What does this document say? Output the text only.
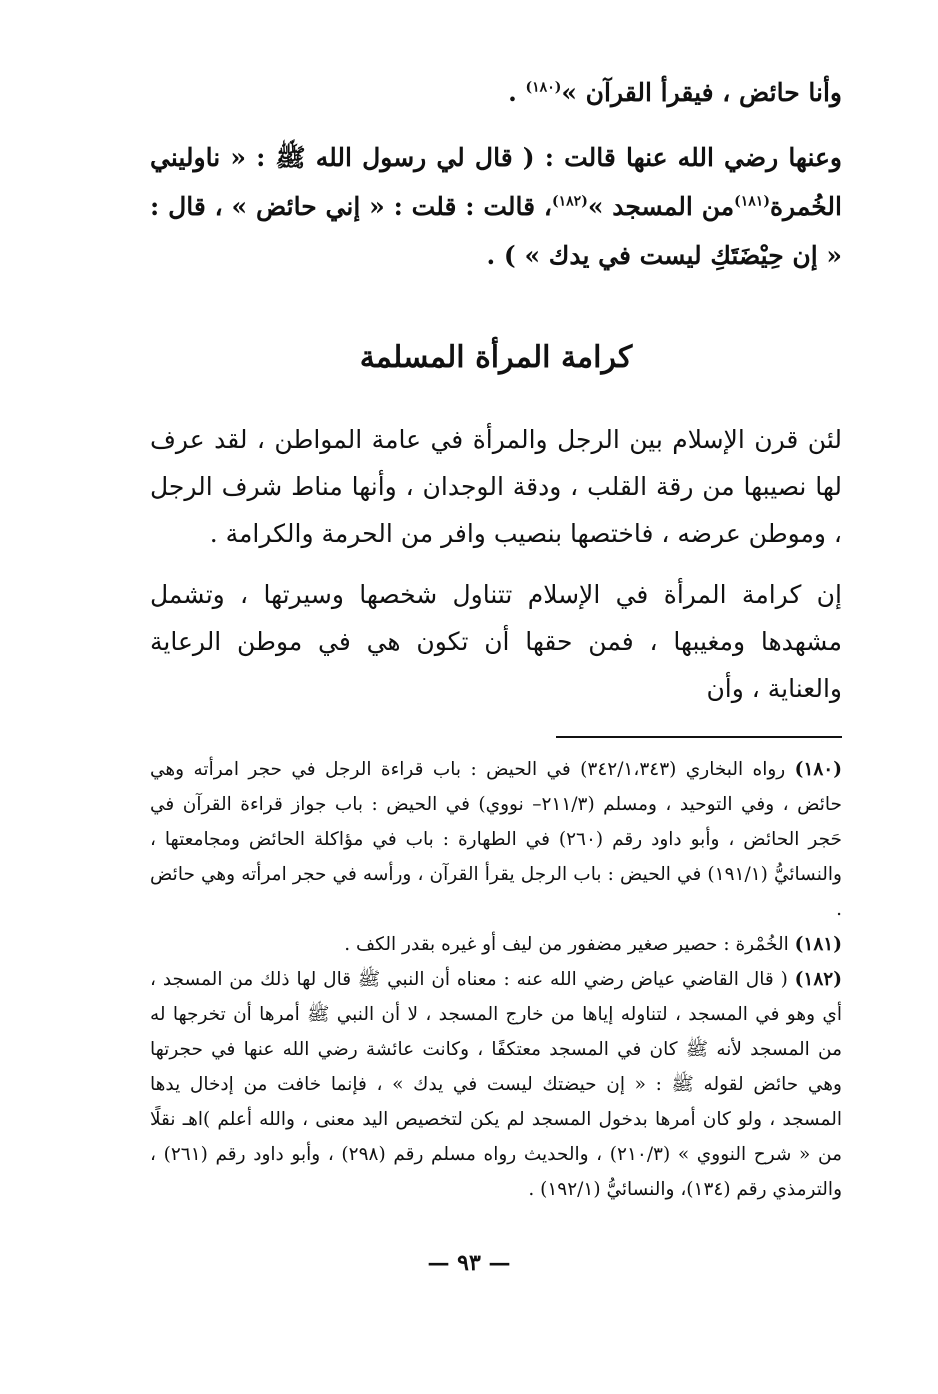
وأنا حائض ، فيقرأ القرآن »$^{(١٨٠)}$ .

وعنها رضي الله عنها قالت : ( قال لي رسول الله ﷺ : « ناوليني الخُمرة$^{(١٨١)}$من المسجد »$^{(١٨٢)}$، قالت : قلت : « إني حائض » ، قال : « إن حِيْضَتَكِ ليست في يدك » ) .

كرامة المرأة المسلمة

لئن قرن الإسلام بين الرجل والمرأة في عامة المواطن ، لقد عرف لها نصيبها من رقة القلب ، ودقة الوجدان ، وأنها مناط شرف الرجل ، وموطن عرضه ، فاختصها بنصيب وافر من الحرمة والكرامة .

إن كرامة المرأة في الإسلام تتناول شخصها وسيرتها ، وتشمل مشهدها ومغيبها ، فمن حقها أن تكون هي في موطن الرعاية والعناية ، وأن

(١٨٠) رواه البخاري (٣٤٢/١،٣٤٣) في الحيض : باب قراءة الرجل في حجر امرأته وهي حائض ، وفي التوحيد ، ومسلم (٢١١/٣– نووي) في الحيض : باب جواز قراءة القرآن في حَجر الحائض ، وأبو داود رقم (٢٦٠) في الطهارة : باب في مؤاكلة الحائض ومجامعتها ، والنسائيُّ (١٩١/١) في الحيض : باب الرجل يقرأ القرآن ، ورأسه في حجر امرأته وهي حائض .

(١٨١) الخُمْرة : حصير صغير مضفور من ليف أو غيره بقدر الكف .

(١٨٢) ( قال القاضي عياض رضي الله عنه : معناه أن النبي ﷺ قال لها ذلك من المسجد ، أي وهو في المسجد ، لتناوله إياها من خارج المسجد ، لا أن النبي ﷺ أمرها أن تخرجها له من المسجد لأنه ﷺ كان في المسجد معتكفًا ، وكانت عائشة رضي الله عنها في حجرتها وهي حائض لقوله ﷺ : « إن حيضتك ليست في يدك » ، فإنما خافت من إدخال يدها المسجد ، ولو كان أمرها بدخول المسجد لم يكن لتخصيص اليد معنى ، والله أعلم )اهـ نقلًا من « شرح النووي » (٢١٠/٣) ، والحديث رواه مسلم رقم (٢٩٨) ، وأبو داود رقم (٢٦١) ، والترمذي رقم (١٣٤)، والنسائيُّ (١٩٢/١) .

— ٩٣ —
